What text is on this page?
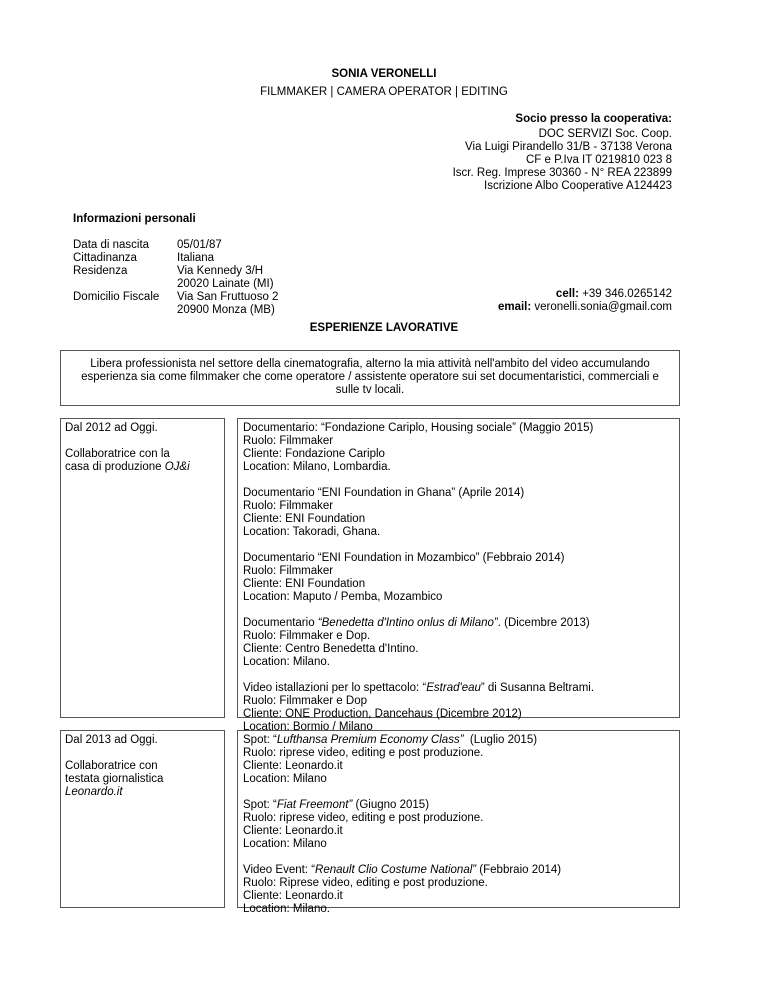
SONIA VERONELLI
FILMMAKER | CAMERA OPERATOR | EDITING
Socio presso la cooperativa:
DOC SERVIZI Soc. Coop.
Via Luigi Pirandello 31/B - 37138 Verona
CF e P.Iva IT 0219810 023 8
Iscr. Reg. Imprese 30360 - N° REA 223899
Iscrizione Albo Cooperative A124423
Informazioni personali
Data di nascita
Cittadinanza
Residenza
Domicilio Fiscale
05/01/87
Italiana
Via Kennedy 3/H
20020 Lainate (MI)
Via San Fruttuoso 2
20900 Monza (MB)
cell: +39 346.0265142
email: veronelli.sonia@gmail.com
ESPERIENZE LAVORATIVE
Libera professionista nel settore della cinematografia, alterno la mia attività nell'ambito del video accumulando esperienza sia come filmmaker che come operatore / assistente operatore sui set documentaristici, commerciali e sulle tv locali.
Dal 2012 ad Oggi.
Collaboratrice con la
casa di produzione OJ&i
Documentario: “Fondazione Cariplo, Housing sociale” (Maggio 2015)
Ruolo: Filmmaker
Cliente: Fondazione Cariplo
Location: Milano, Lombardia.
Documentario “ENI Foundation in Ghana” (Aprile 2014)
Ruolo: Filmmaker
Cliente: ENI Foundation
Location: Takoradi, Ghana.
Documentario “ENI Foundation in Mozambico” (Febbraio 2014)
Ruolo: Filmmaker
Cliente: ENI Foundation
Location: Maputo / Pemba, Mozambico
Documentario “Benedetta d'Intino onlus di Milano”. (Dicembre 2013)
Ruolo: Filmmaker e Dop.
Cliente: Centro Benedetta d'Intino.
Location: Milano.
Video istallazioni per lo spettacolo: “Estrad'eau” di Susanna Beltrami.
Ruolo: Filmmaker e Dop
Cliente: ONE Production, Dancehaus (Dicembre 2012)
Location: Bormio / Milano
Dal 2013 ad Oggi.
Collaboratrice con
testata giornalistica
Leonardo.it
Spot: “Lufthansa Premium Economy Class”  (Luglio 2015)
Ruolo: riprese video, editing e post produzione.
Cliente: Leonardo.it
Location: Milano
Spot: “Fiat Freemont” (Giugno 2015)
Ruolo: riprese video, editing e post produzione.
Cliente: Leonardo.it
Location: Milano
Video Event: “Renault Clio Costume National” (Febbraio 2014)
Ruolo: Riprese video, editing e post produzione.
Cliente: Leonardo.it
Location: Milano.
